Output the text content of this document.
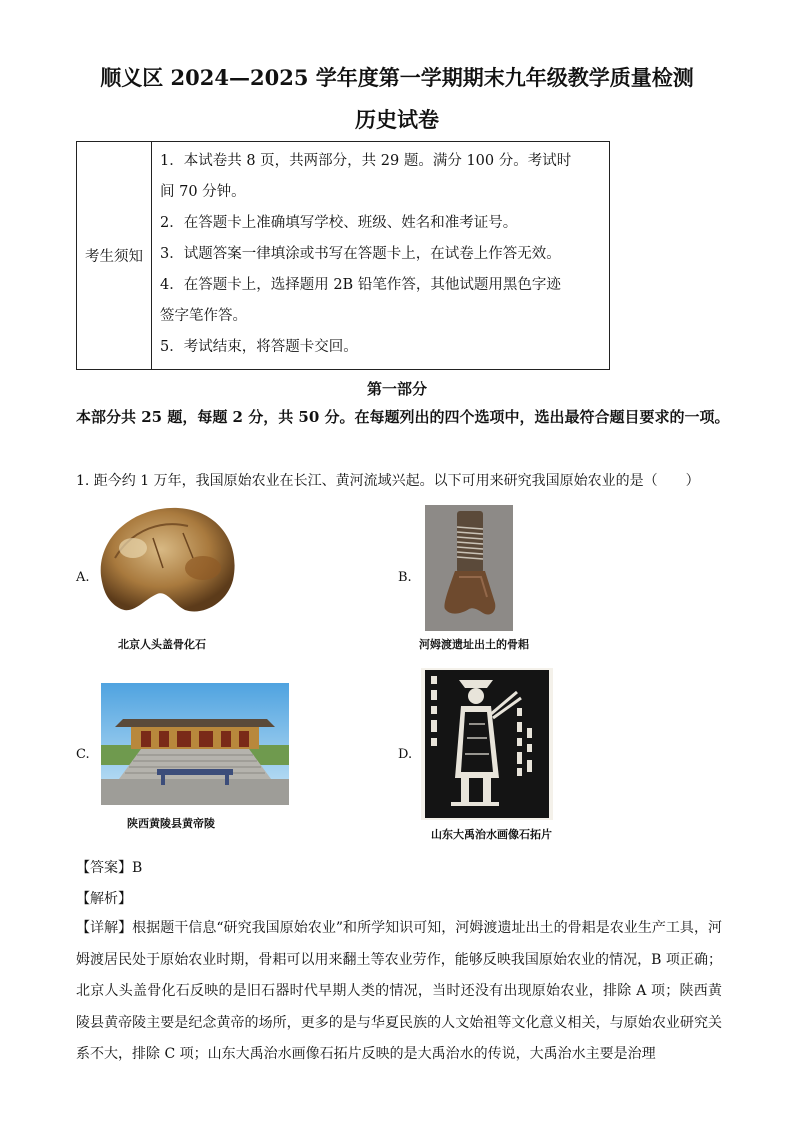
顺义区 2024—2025 学年度第一学期期末九年级教学质量检测
历史试卷
考生须知	
1．本试卷共 8 页，共两部分，共 29 题。满分 100 分。考试时
间 70 分钟。
2．在答题卡上准确填写学校、班级、姓名和准考证号。
3．试题答案一律填涂或书写在答题卡上，在试卷上作答无效。
4．在答题卡上，选择题用 2B 铅笔作答，其他试题用黑色字迹
签字笔作答。
5．考试结束，将答题卡交回。
第一部分
本部分共 25 题，每题 2 分，共 50 分。在每题列出的四个选项中，选出最符合题目要求的一项。
1. 距今约 1 万年，我国原始农业在长江、黄河流域兴起。以下可用来研究我国原始农业的是（　　）
A.
北京人头盖骨化石
B.
河姆渡遗址出土的骨耜
C.
陕西黄陵县黄帝陵
D.
山东大禹治水画像石拓片
【答案】B
【解析】
【详解】根据题干信息“研究我国原始农业”和所学知识可知，河姆渡遗址出土的骨耜是农业生产工具，河姆渡居民处于原始农业时期，骨耜可以用来翻土等农业劳作，能够反映我国原始农业的情况，B 项正确；北京人头盖骨化石反映的是旧石器时代早期人类的情况，当时还没有出现原始农业，排除 A 项；陕西黄陵县黄帝陵主要是纪念黄帝的场所，更多的是与华夏民族的人文始祖等文化意义相关，与原始农业研究关系不大，排除 C 项；山东大禹治水画像石拓片反映的是大禹治水的传说，大禹治水主要是治理
